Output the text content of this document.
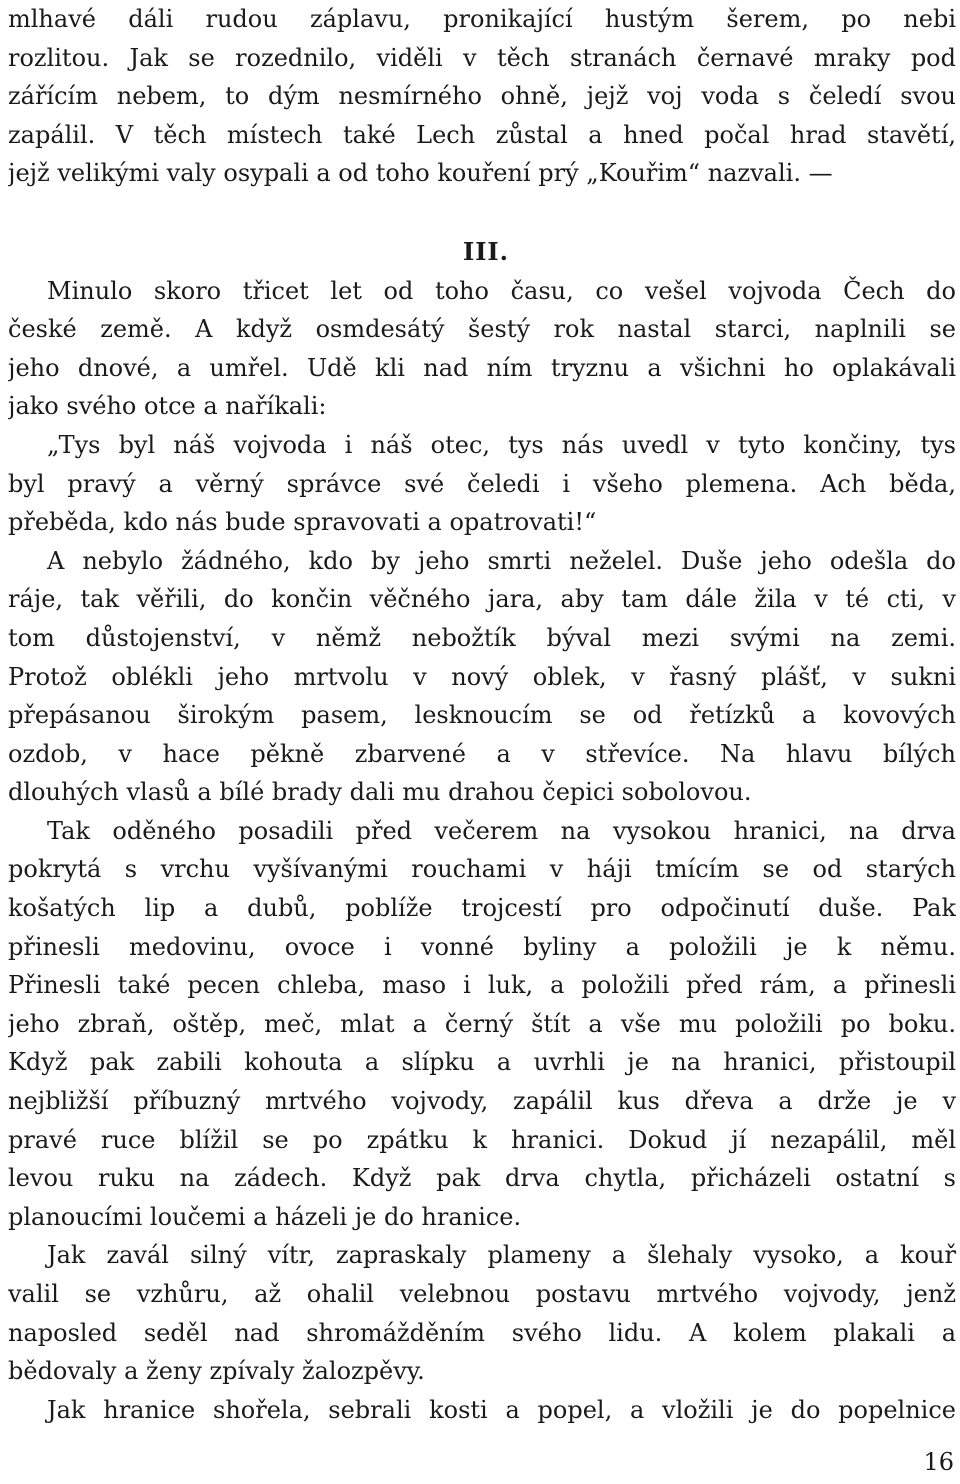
mlhavé dáli rudou záplavu, pronikající hustým šerem, po nebi
rozlitou. Jak se rozednilo, viděli v těch stranách černavé mraky pod
zářícím nebem, to dým nesmírného ohně, jejž voj voda s čeledí svou
zapálil. V těch místech také Lech zůstal a hned počal hrad stavětí,
jejž velikými valy osypali a od toho kouření prý „Kouřim“ nazvali. —
III.
Minulo skoro třicet let od toho času, co vešel vojvoda Čech do
české země. A když osmdesátý šestý rok nastal starci, naplnili se
jeho dnové, a umřel. Udě kli nad ním tryznu a všichni ho oplakávali
jako svého otce a naříkali:
„Tys byl náš vojvoda i náš otec, tys nás uvedl v tyto končiny, tys
byl pravý a věrný správce své čeledi i všeho plemena. Ach běda,
přeběda, kdo nás bude spravovati a opatrovati!“
A nebylo žádného, kdo by jeho smrti neželel. Duše jeho odešla do
ráje, tak věřili, do končin věčného jara, aby tam dále žila v té cti, v
tom důstojenství, v němž nebožtík býval mezi svými na zemi.
Protož oblékli jeho mrtvolu v nový oblek, v řasný plášť, v sukni
přepásanou širokým pasem, lesknoucím se od řetízků a kovových
ozdob, v hace pěkně zbarvené a v střevíce. Na hlavu bílých
dlouhých vlasů a bílé brady dali mu drahou čepici sobolovou.
Tak oděného posadili před večerem na vysokou hranici, na drva
pokrytá s vrchu vyšívanými rouchami v háji tmícím se od starých
košatých lip a dubů, poblíže trojcestí pro odpočinutí duše. Pak
přinesli medovinu, ovoce i vonné byliny a položili je k němu.
Přinesli také pecen chleba, maso i luk, a položili před rám, a přinesli
jeho zbraň, oštěp, meč, mlat a černý štít a vše mu položili po boku.
Když pak zabili kohouta a slípku a uvrhli je na hranici, přistoupil
nejbližší příbuzný mrtvého vojvody, zapálil kus dřeva a drže je v
pravé ruce blížil se po zpátku k hranici. Dokud jí nezapálil, měl
levou ruku na zádech. Když pak drva chytla, přicházeli ostatní s
planoucími loučemi a házeli je do hranice.
Jak zavál silný vítr, zapraskaly plameny a šlehaly vysoko, a kouř
valil se vzhůru, až ohalil velebnou postavu mrtvého vojvody, jenž
naposled seděl nad shromážděním svého lidu. A kolem plakali a
bědovaly a ženy zpívaly žalozpěvy.
Jak hranice shořela, sebrali kosti a popel, a vložili je do popelnice
16
